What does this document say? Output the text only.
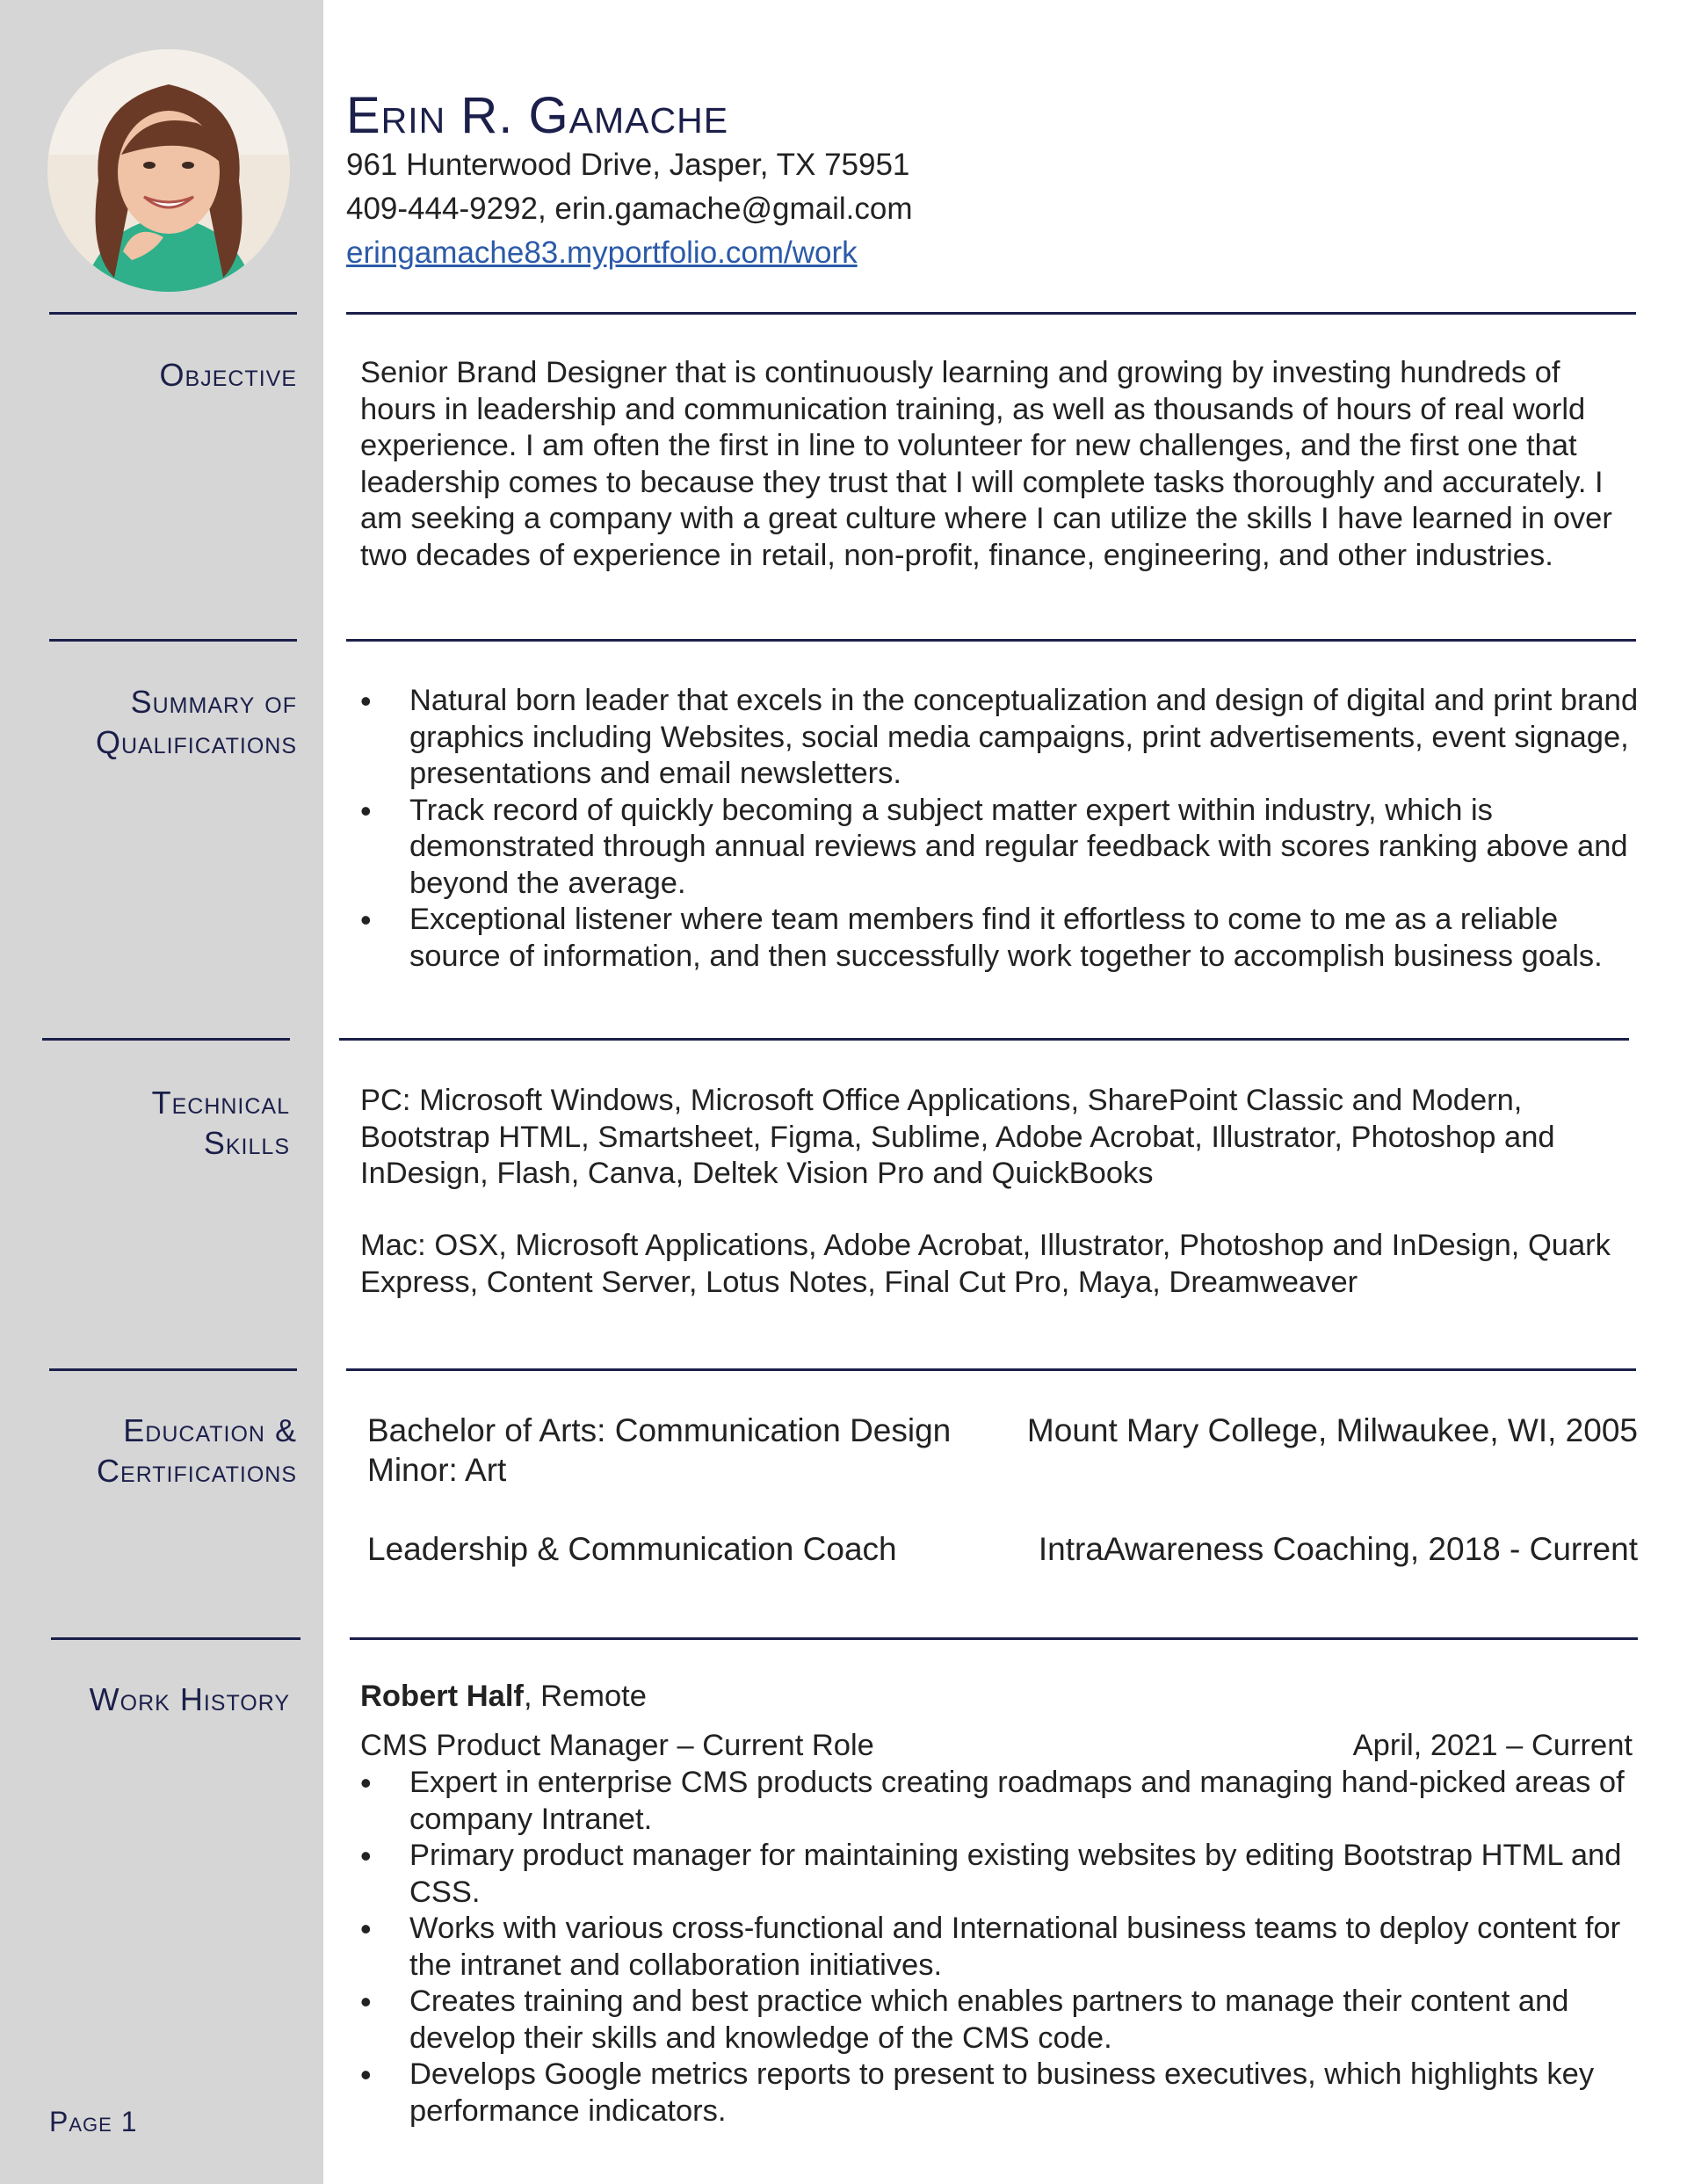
Erin R. Gamache
961 Hunterwood Drive, Jasper, TX 75951
409-444-9292, erin.gamache@gmail.com
eringamache83.myportfolio.com/work
Objective Senior Brand Designer that is continuously learning and growing by investing hundreds of hours in leadership and communication training, as well as thousands of hours of real world experience. I am often the first in line to volunteer for new challenges, and the first one that leadership comes to because they trust that I will complete tasks thoroughly and accurately. I am seeking a company with a great culture where I can utilize the skills I have learned in over two decades of experience in retail, non-profit, finance, engineering, and other industries.
Summary of
Qualifications
• Natural born leader that excels in the conceptualization and design of digital and print brand graphics including Websites, social media campaigns, print advertisements, event signage, presentations and email newsletters.
• Track record of quickly becoming a subject matter expert within industry, which is demonstrated through annual reviews and regular feedback with scores ranking above and beyond the average.
• Exceptional listener where team members find it effortless to come to me as a reliable source of information, and then successfully work together to accomplish business goals.
Technical
Skills
PC: Microsoft Windows, Microsoft Office Applications, SharePoint Classic and Modern, Bootstrap HTML, Smartsheet, Figma, Sublime, Adobe Acrobat, Illustrator, Photoshop and InDesign, Flash, Canva, Deltek Vision Pro and QuickBooks
Mac: OSX, Microsoft Applications, Adobe Acrobat, Illustrator, Photoshop and InDesign, Quark Express, Content Server, Lotus Notes, Final Cut Pro, Maya, Dreamweaver
Education &
Certifications
Bachelor of Arts: Communication Design Mount Mary College, Milwaukee, WI, 2005
Minor: Art
Leadership & Communication Coach	IntraAwareness Coaching, 2018 - Current
Work History Robert Half, Remote
CMS Product Manager – Current Role	April, 2021 – Current
• Expert in enterprise CMS products creating roadmaps and managing hand-picked areas of company Intranet.
• Primary product manager for maintaining existing websites by editing Bootstrap HTML and CSS.
• Works with various cross-functional and International business teams to deploy content for the intranet and collaboration initiatives.
• Creates training and best practice which enables partners to manage their content and develop their skills and knowledge of the CMS code.
• Develops Google metrics reports to present to business executives, which highlights key performance indicators.
Page 1
